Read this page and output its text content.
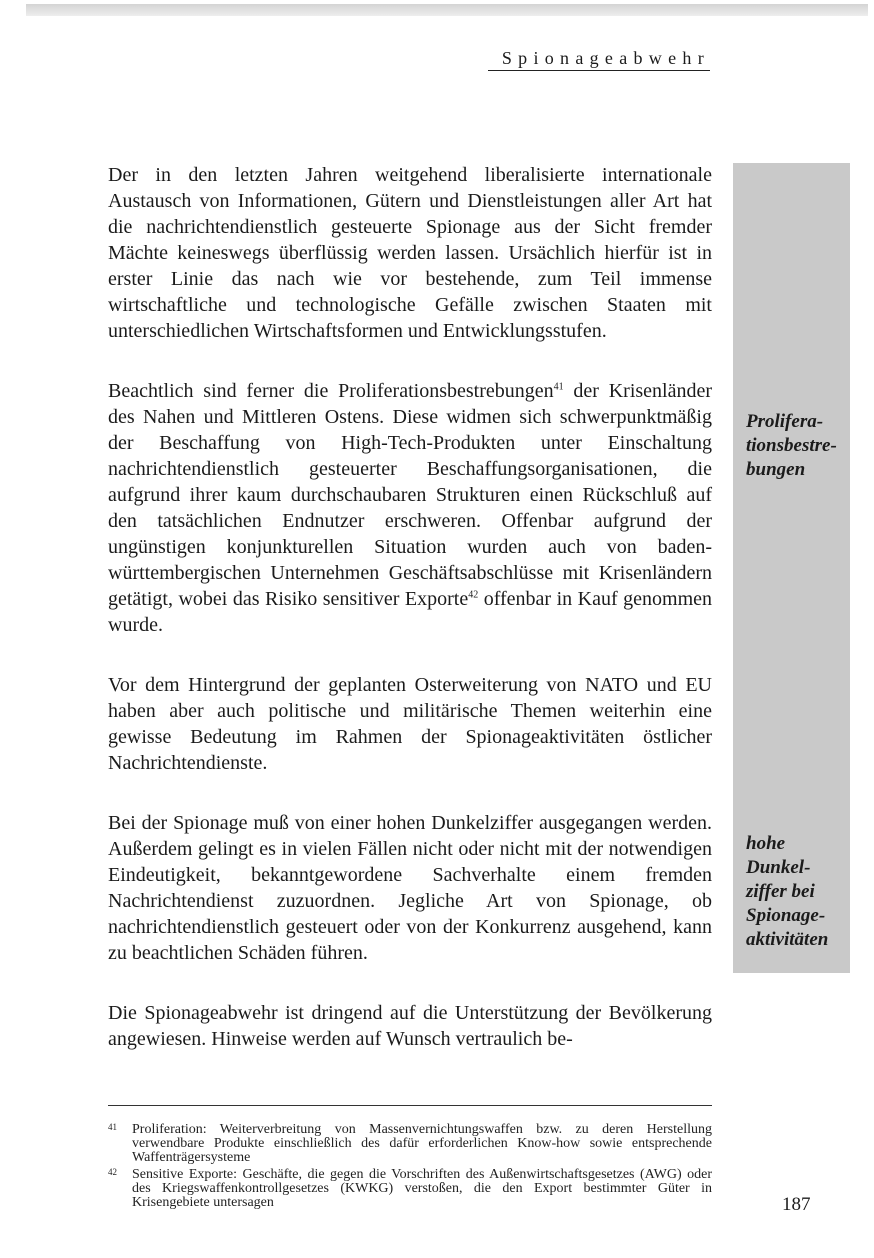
Spionageabwehr

Der in den letzten Jahren weitgehend liberalisierte internationale Austausch von Informationen, Gütern und Dienstleistungen aller Art hat die nachrichtendienstlich gesteuerte Spionage aus der Sicht fremder Mächte keineswegs überflüssig werden lassen. Ursächlich hierfür ist in erster Linie das nach wie vor bestehende, zum Teil immense wirtschaftliche und technologische Gefälle zwischen Staaten mit unterschiedlichen Wirtschaftsformen und Entwicklungsstufen.

Beachtlich sind ferner die Proliferationsbestrebungen$^{41}$ der Krisenländer des Nahen und Mittleren Ostens. Diese widmen sich schwerpunktmäßig der Beschaffung von High-Tech-Produkten unter Einschaltung nachrichtendienstlich gesteuerter Beschaffungsorganisationen, die aufgrund ihrer kaum durchschaubaren Strukturen einen Rückschluß auf den tatsächlichen Endnutzer erschweren. Offenbar aufgrund der ungünstigen konjunkturellen Situation wurden auch von baden-württembergischen Unternehmen Geschäftsabschlüsse mit Krisenländern getätigt, wobei das Risiko sensitiver Exporte$^{42}$ offenbar in Kauf genommen wurde.

Vor dem Hintergrund der geplanten Osterweiterung von NATO und EU haben aber auch politische und militärische Themen weiterhin eine gewisse Bedeutung im Rahmen der Spionageaktivitäten östlicher Nachrichtendienste.

Bei der Spionage muß von einer hohen Dunkelziffer ausgegangen werden. Außerdem gelingt es in vielen Fällen nicht oder nicht mit der notwendigen Eindeutigkeit, bekanntgewordene Sachverhalte einem fremden Nachrichtendienst zuzuordnen. Jegliche Art von Spionage, ob nachrichtendienstlich gesteuert oder von der Konkurrenz ausgehend, kann zu beachtlichen Schäden führen.

Die Spionageabwehr ist dringend auf die Unterstützung der Bevölkerung angewiesen. Hinweise werden auf Wunsch vertraulich be-

Prolifera-
tionsbestre-
bungen
hohe
Dunkel-
ziffer bei
Spionage-
aktivitäten
41 Proliferation: Weiterverbreitung von Massenvernichtungswaffen bzw. zu deren Herstellung verwendbare Produkte einschließlich des dafür erforderlichen Know-how sowie entsprechende Waffenträgersysteme
42 Sensitive Exporte: Geschäfte, die gegen die Vorschriften des Außenwirtschaftsgesetzes (AWG) oder des Kriegswaffenkontrollgesetzes (KWKG) verstoßen, die den Export bestimmter Güter in Krisengebiete untersagen	187
